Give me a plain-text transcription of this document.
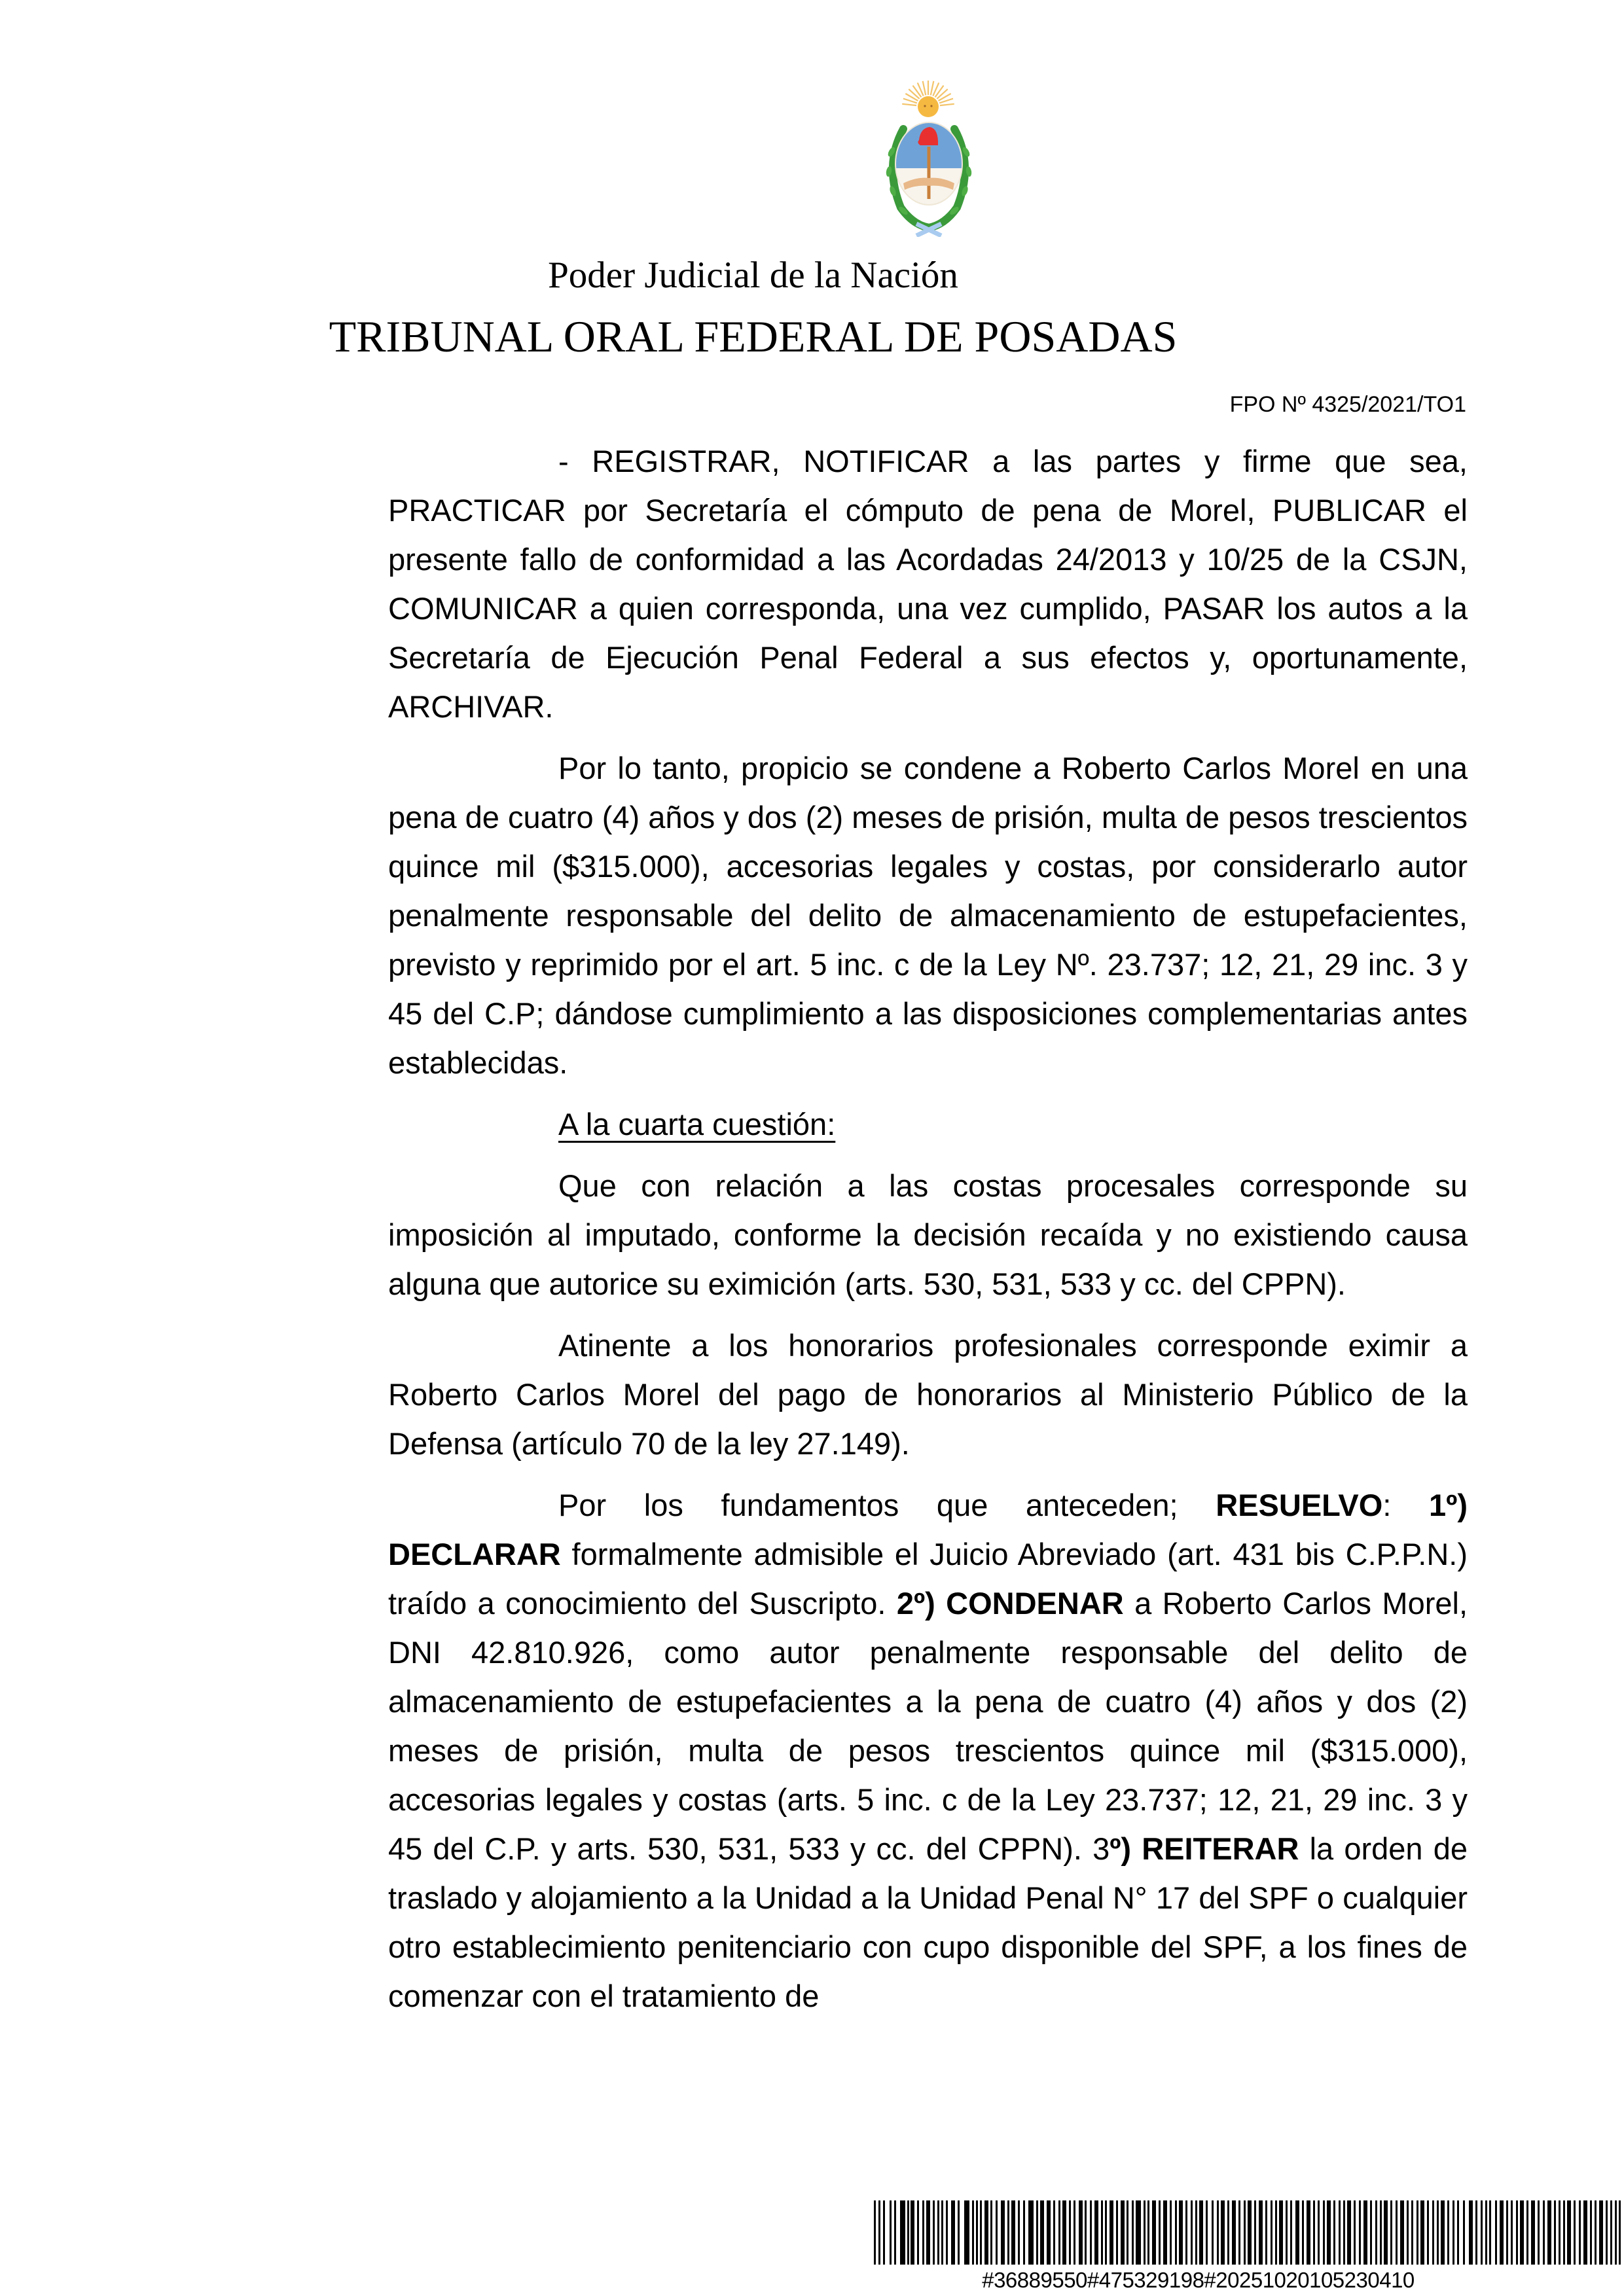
Poder Judicial de la Nación
TRIBUNAL ORAL FEDERAL DE POSADAS
FPO Nº 4325/2021/TO1

- REGISTRAR, NOTIFICAR a las partes y firme que sea, PRACTICAR por Secretaría el cómputo de pena de Morel, PUBLICAR el presente fallo de conformidad a las Acordadas 24/2013 y 10/25 de la CSJN, COMUNICAR a quien corresponda, una vez cumplido, PASAR los autos a la Secretaría de Ejecución Penal Federal a sus efectos y, oportunamente, ARCHIVAR.

Por lo tanto, propicio se condene a Roberto Carlos Morel en una pena de cuatro (4) años y dos (2) meses de prisión, multa de pesos trescientos quince mil ($315.000), accesorias legales y costas, por considerarlo autor penalmente responsable del delito de almacenamiento de estupefacientes, previsto y reprimido por el art. 5 inc. c de la Ley Nº. 23.737; 12, 21, 29 inc. 3 y 45 del C.P; dándose cumplimiento a las disposiciones complementarias antes establecidas.

A la cuarta cuestión:

Que con relación a las costas procesales corresponde su imposición al imputado, conforme la decisión recaída y no existiendo causa alguna que autorice su eximición (arts. 530, 531, 533 y cc. del CPPN).

Atinente a los honorarios profesionales corresponde eximir a Roberto Carlos Morel del pago de honorarios al Ministerio Público de la Defensa (artículo 70 de la ley 27.149).

Por los fundamentos que anteceden; RESUELVO: 1º) DECLARAR formalmente admisible el Juicio Abreviado (art. 431 bis C.P.P.N.) traído a conocimiento del Suscripto. 2º) CONDENAR a Roberto Carlos Morel, DNI 42.810.926, como autor penalmente responsable del delito de almacenamiento de estupefacientes a la pena de cuatro (4) años y dos (2) meses de prisión, multa de pesos trescientos quince mil ($315.000), accesorias legales y costas (arts. 5 inc. c de la Ley 23.737; 12, 21, 29 inc. 3 y 45 del C.P. y arts. 530, 531, 533 y cc. del CPPN). 3º) REITERAR la orden de traslado y alojamiento a la Unidad a la Unidad Penal N° 17 del SPF o cualquier otro establecimiento penitenciario con cupo disponible del SPF, a los fines de comenzar con el tratamiento de

#36889550#475329198#20251020105230410
